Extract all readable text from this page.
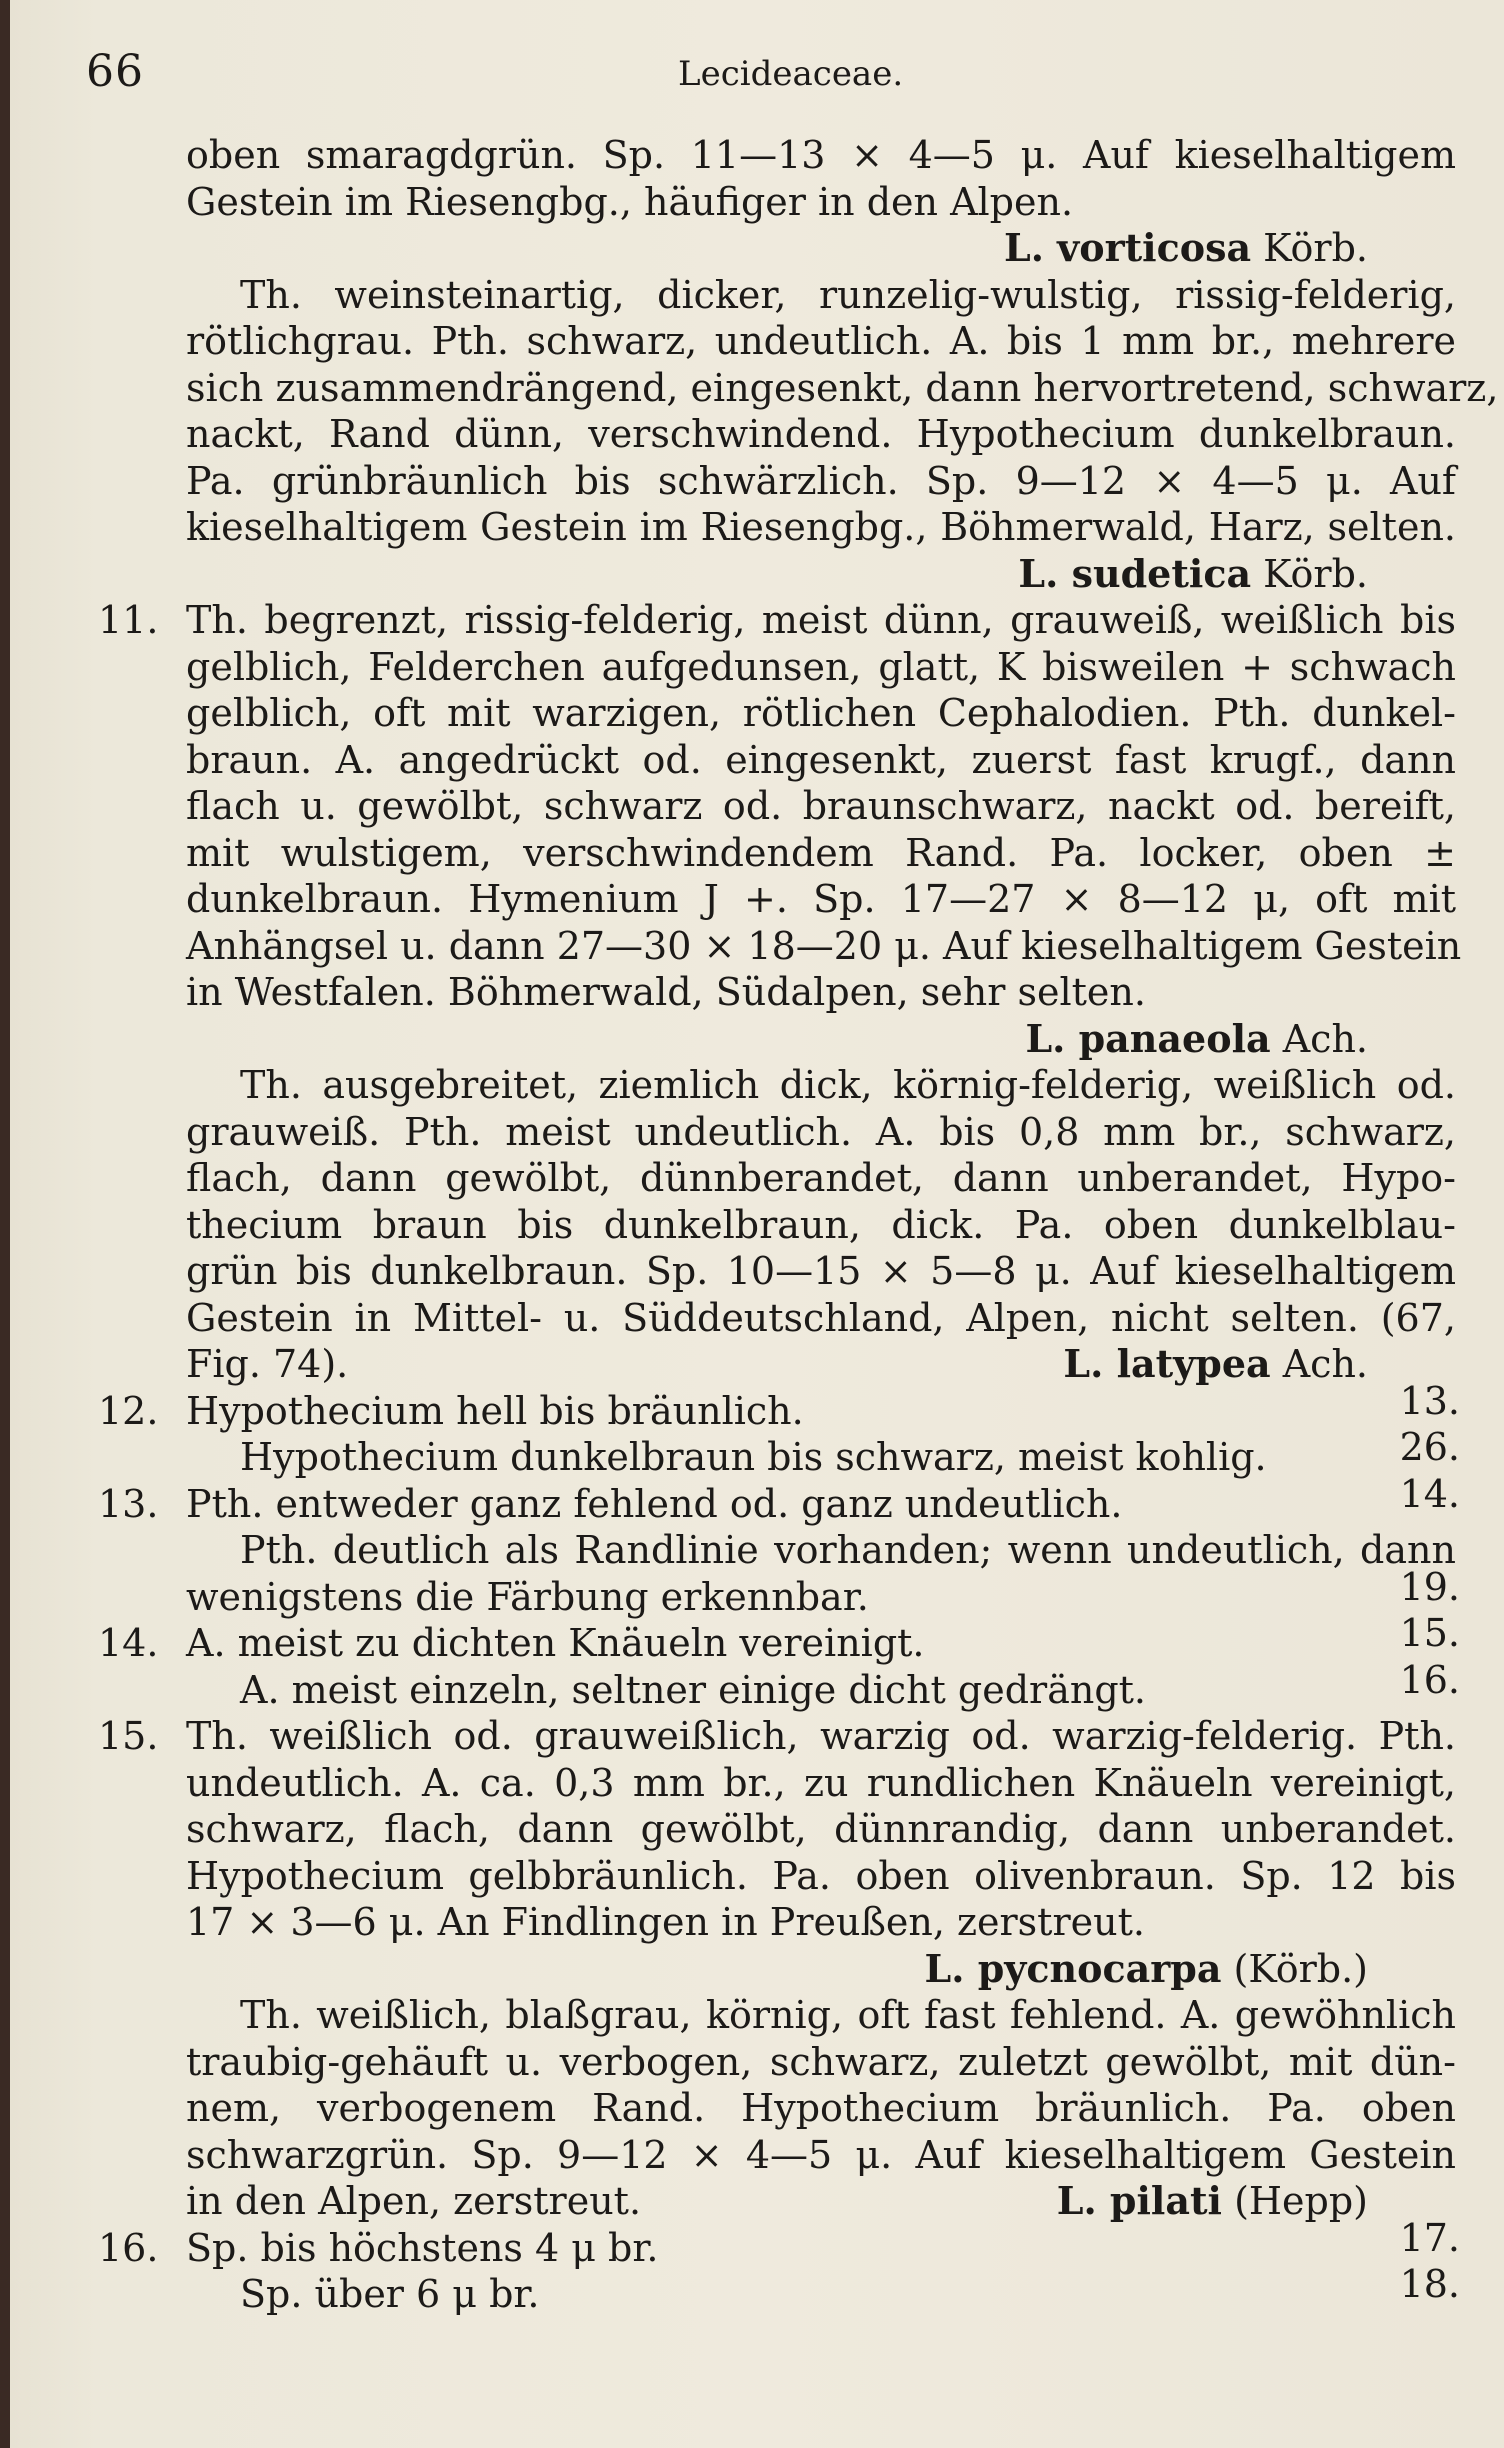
66	Lecideaceae.
oben smaragdgrün. Sp. 11—13 × 4—5 μ. Auf kieselhaltigem
Gestein im Riesengbg., häufiger in den Alpen.
L. vorticosa Körb.
Th. weinsteinartig, dicker, runzelig-wulstig, rissig-felderig,
rötlichgrau. Pth. schwarz, undeutlich. A. bis 1 mm br., mehrere
sich zusammendrängend, eingesenkt, dann hervortretend, schwarz,
nackt, Rand dünn, verschwindend. Hypothecium dunkelbraun.
Pa. grünbräunlich bis schwärzlich. Sp. 9—12 × 4—5 μ. Auf
kieselhaltigem Gestein im Riesengbg., Böhmerwald, Harz, selten.
L. sudetica Körb.
11. Th. begrenzt, rissig-felderig, meist dünn, grauweiß, weißlich bis
gelblich, Felderchen aufgedunsen, glatt, K bisweilen + schwach
gelblich, oft mit warzigen, rötlichen Cephalodien. Pth. dunkel-
braun. A. angedrückt od. eingesenkt, zuerst fast krugf., dann
flach u. gewölbt, schwarz od. braunschwarz, nackt od. bereift,
mit wulstigem, verschwindendem Rand. Pa. locker, oben ±
dunkelbraun. Hymenium J +. Sp. 17—27 × 8—12 μ, oft mit
Anhängsel u. dann 27—30 × 18—20 μ. Auf kieselhaltigem Gestein
in Westfalen. Böhmerwald, Südalpen, sehr selten.
L. panaeola Ach.
Th. ausgebreitet, ziemlich dick, körnig-felderig, weißlich od.
grauweiß. Pth. meist undeutlich. A. bis 0,8 mm br., schwarz,
flach, dann gewölbt, dünnberandet, dann unberandet, Hypo-
thecium braun bis dunkelbraun, dick. Pa. oben dunkelblau-
grün bis dunkelbraun. Sp. 10—15 × 5—8 μ. Auf kieselhaltigem
Gestein in Mittel- u. Süddeutschland, Alpen, nicht selten. (67,
Fig. 74).	L. latypea Ach.
12. Hypothecium hell bis bräunlich.	13.
Hypothecium dunkelbraun bis schwarz, meist kohlig.	26.
13. Pth. entweder ganz fehlend od. ganz undeutlich.	14.
Pth. deutlich als Randlinie vorhanden; wenn undeutlich, dann
wenigstens die Färbung erkennbar.	19.
14. A. meist zu dichten Knäueln vereinigt.	15.
A. meist einzeln, seltner einige dicht gedrängt.	16.
15. Th. weißlich od. grauweißlich, warzig od. warzig-felderig. Pth.
undeutlich. A. ca. 0,3 mm br., zu rundlichen Knäueln vereinigt,
schwarz, flach, dann gewölbt, dünnrandig, dann unberandet.
Hypothecium gelbbräunlich. Pa. oben olivenbraun. Sp. 12 bis
17 × 3—6 μ. An Findlingen in Preußen, zerstreut.
L. pycnocarpa (Körb.)
Th. weißlich, blaßgrau, körnig, oft fast fehlend. A. gewöhnlich
traubig-gehäuft u. verbogen, schwarz, zuletzt gewölbt, mit dün-
nem, verbogenem Rand. Hypothecium bräunlich. Pa. oben
schwarzgrün. Sp. 9—12 × 4—5 μ. Auf kieselhaltigem Gestein
in den Alpen, zerstreut.	L. pilati (Hepp)
16. Sp. bis höchstens 4 μ br.	17.
Sp. über 6 μ br.	18.
